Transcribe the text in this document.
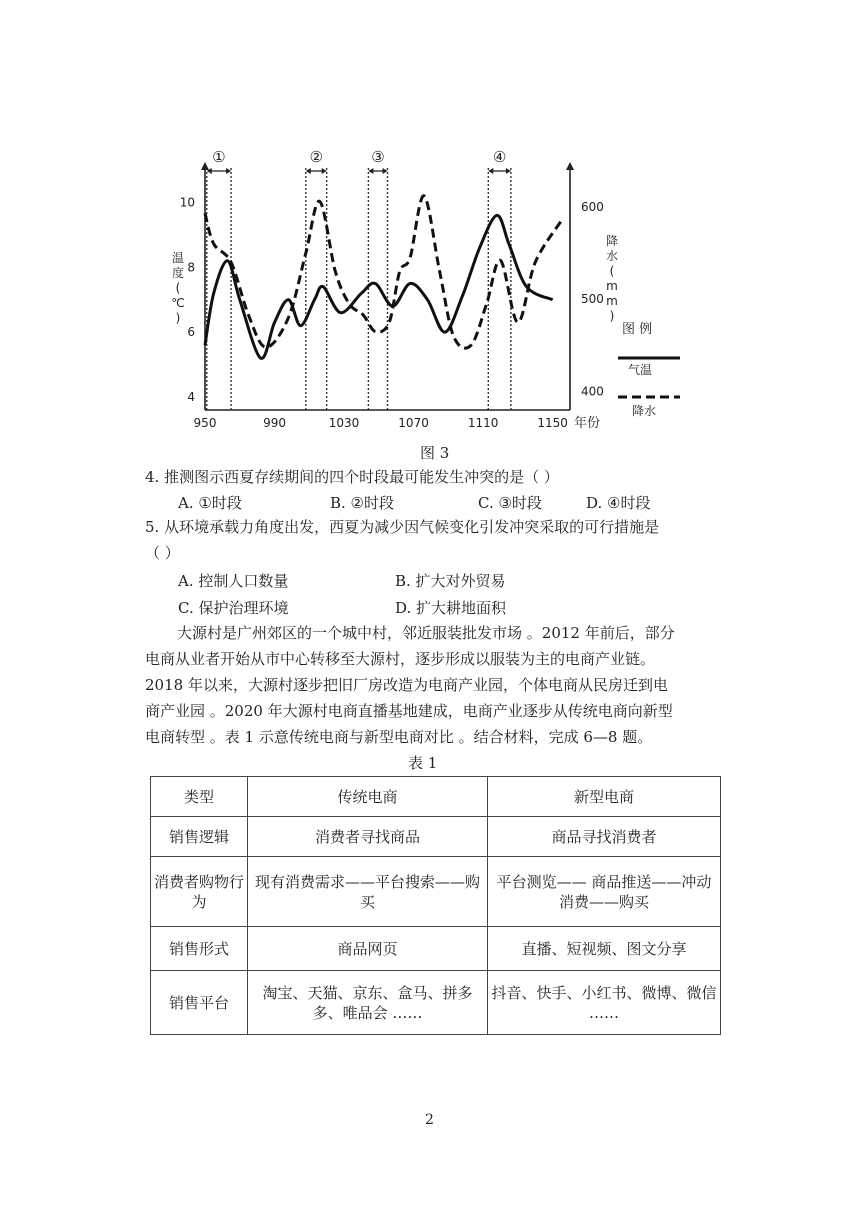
①	②	③	④
950	990	1030	1070	1110	1150 年份
4
6
8
10
400
500
600
温度( ℃ )
降水( m m )
图 例
气温
降水
图 3
4. 推测图示西夏存续期间的四个时段最可能发生冲突的是（ ）
A. ①时段	B. ②时段	C. ③时段	D. ④时段
5. 从环境承载力角度出发，西夏为减少因气候变化引发冲突采取的可行措施是
（ ）
A. 控制人口数量	B. 扩大对外贸易
C. 保护治理环境	D. 扩大耕地面积
大源村是广州郊区的一个城中村，邻近服装批发市场 。2012 年前后，部分
电商从业者开始从市中心转移至大源村，逐步形成以服装为主的电商产业链。
2018 年以来，大源村逐步把旧厂房改造为电商产业园，个体电商从民房迁到电
商产业园 。2020 年大源村电商直播基地建成，电商产业逐步从传统电商向新型
电商转型 。表 1 示意传统电商与新型电商对比 。结合材料，完成 6—8 题。
表 1
类型	传统电商	新型电商
销售逻辑	消费者寻找商品	商品寻找消费者
消费者购物行为	现有消费需求——平台搜索——购买	平台测览—— 商品推送——冲动消费——购买
销售形式	商品网页	直播、短视频、图文分享
销售平台	淘宝、天猫、京东、盒马、拼多多、唯品会 ……	抖音、快手、小红书、微博、微信 ……
2
